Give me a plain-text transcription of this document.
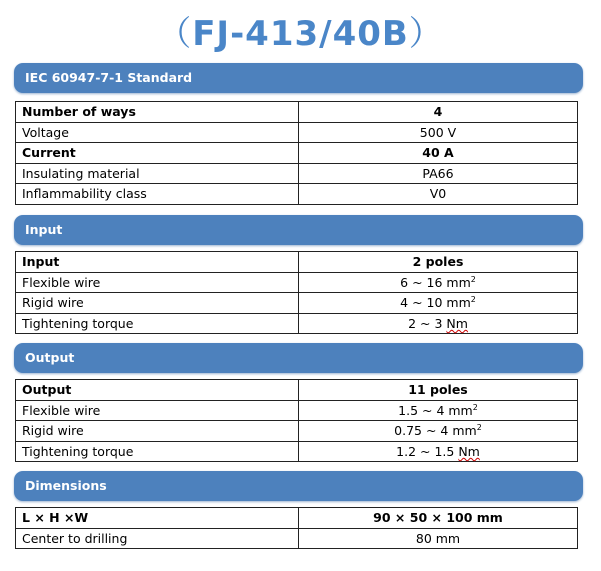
（FJ-413/40B）
IEC 60947-7-1 Standard
Number of ways	4
Voltage	500 V
Current	40 A
Insulating material	PA66
Inflammability class	V0
Input
Input	2 poles
Flexible wire	6 ~ 16 $mm^2$
Rigid wire	4 ~ 10 $mm^2$
Tightening torque	2 ~ 3 Nm
Output
Output	11 poles
Flexible wire	1.5 ~ 4 $mm^2$
Rigid wire	0.75 ~ 4 $mm^2$
Tightening torque	1.2 ~ 1.5 Nm
Dimensions
L × H ×W	90 × 50 × 100 mm
Center to drilling	80 mm
